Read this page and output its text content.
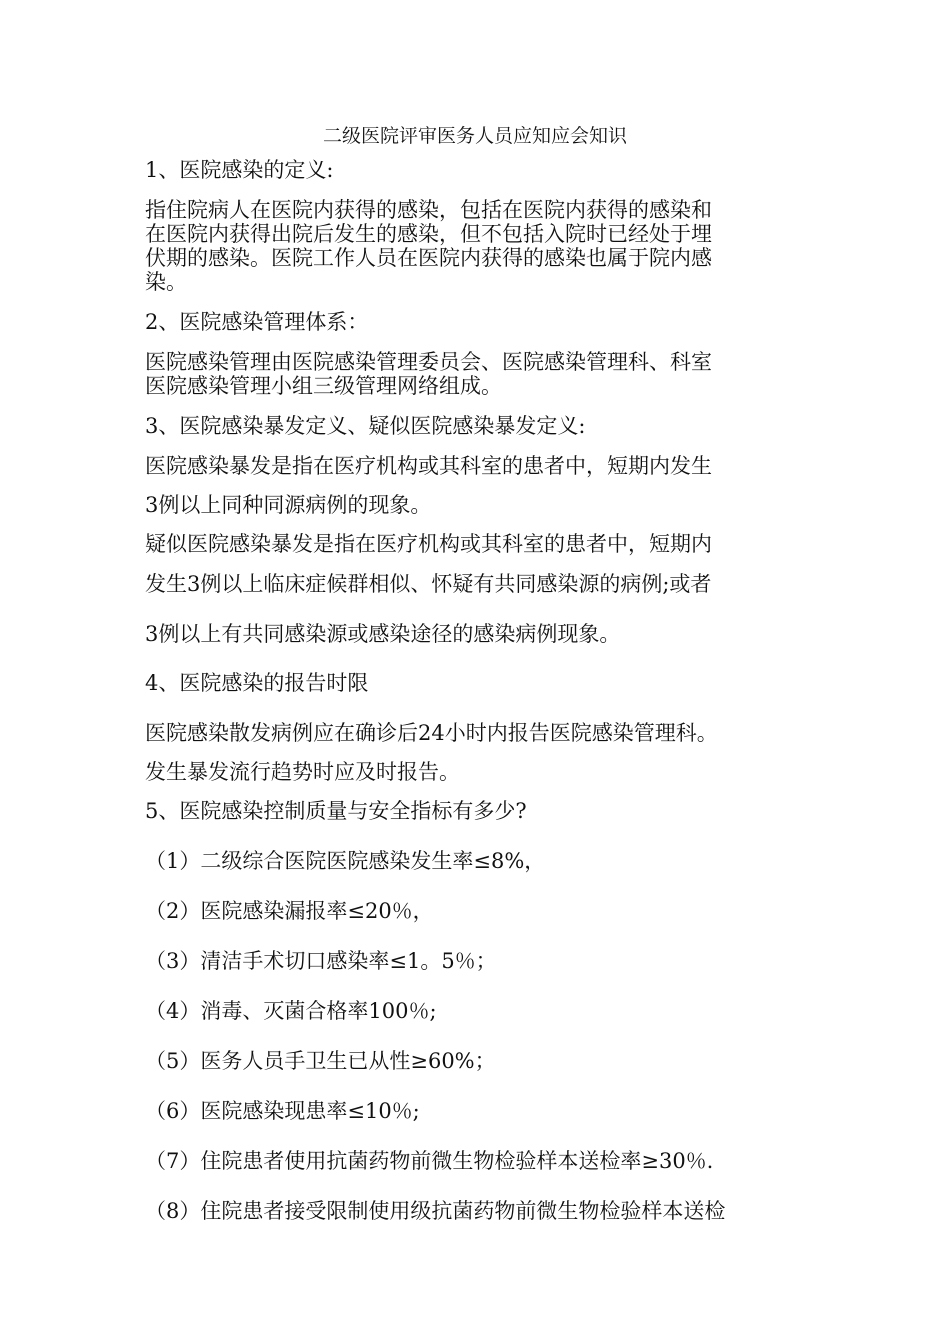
二级医院评审医务人员应知应会知识

1、医院感染的定义:

指住院病人在医院内获得的感染，包括在医院内获得的感染和

在医院内获得出院后发生的感染，但不包括入院时已经处于埋

伏期的感染。医院工作人员在医院内获得的感染也属于院内感

染。

2、医院感染管理体系：

医院感染管理由医院感染管理委员会、医院感染管理科、科室

医院感染管理小组三级管理网络组成。

3、医院感染暴发定义、疑似医院感染暴发定义:

医院感染暴发是指在医疗机构或其科室的患者中，短期内发生

3例以上同种同源病例的现象。

疑似医院感染暴发是指在医疗机构或其科室的患者中，短期内

发生3例以上临床症候群相似、怀疑有共同感染源的病例;或者

3例以上有共同感染源或感染途径的感染病例现象。

4、医院感染的报告时限

医院感染散发病例应在确诊后24小时内报告医院感染管理科。

发生暴发流行趋势时应及时报告。

5、医院感染控制质量与安全指标有多少?

（1）二级综合医院医院感染发生率≤8%，

（2）医院感染漏报率≤20％，

（3）清洁手术切口感染率≤1。5％；

（4）消毒、灭菌合格率100％;

（5）医务人员手卫生已从性≥60%；

（6）医院感染现患率≤10％;

（7）住院患者使用抗菌药物前微生物检验样本送检率≥30％.

（8）住院患者接受限制使用级抗菌药物前微生物检验样本送检
